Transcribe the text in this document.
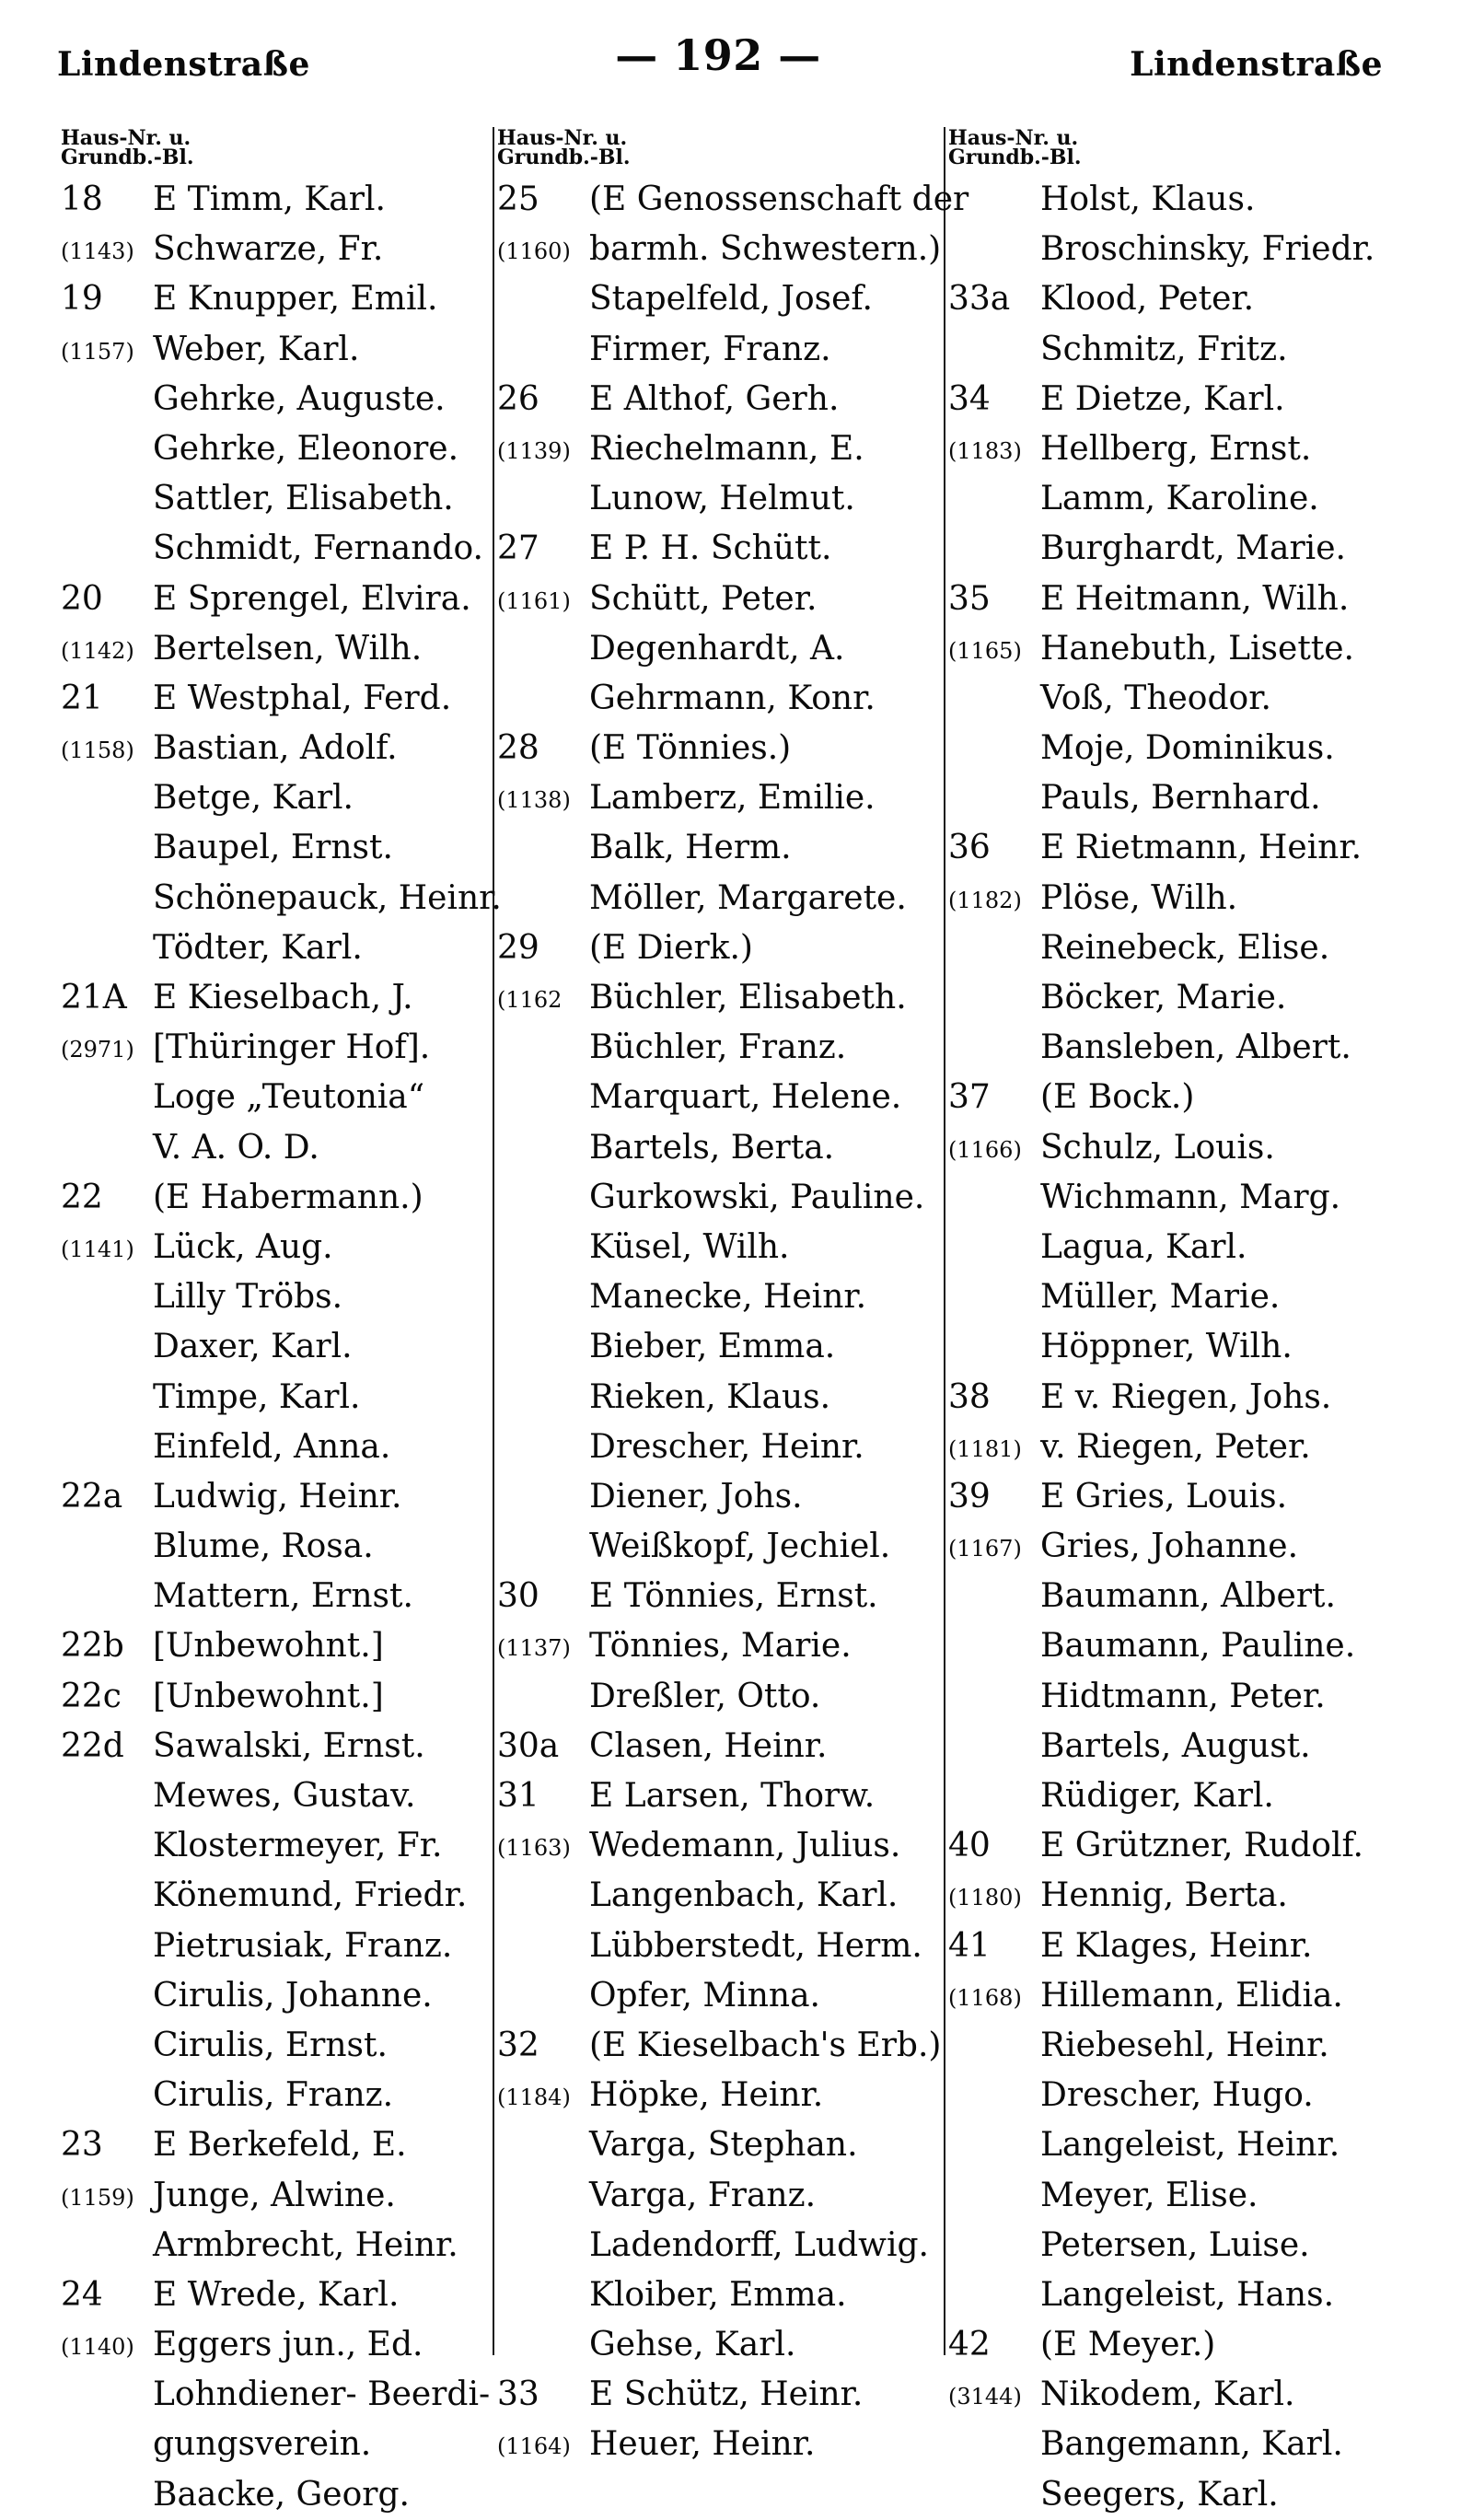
Lindenstraße	— 192 —	Lindenstraße
Haus-Nr. u.
Grundb.-Bl.
18	E Timm, Karl.
(1143) Schwarze, Fr.
19	E Knupper, Emil.
(1157) Weber, Karl.
Gehrke, Auguste.
Gehrke, Eleonore.
Sattler, Elisabeth.
Schmidt, Fernando.
20	E Sprengel, Elvira.
(1142) Bertelsen, Wilh.
21	E Westphal, Ferd.
(1158) Bastian, Adolf.
Betge, Karl.
Baupel, Ernst.
Schönepauck, Heinr.
Tödter, Karl.
21A E Kieselbach, J.
(2971) [Thüringer Hof].
Loge „Teutonia“
V. A. O. D.
22	(E Habermann.)
(1141) Lück, Aug.
Lilly Tröbs.
Daxer, Karl.
Timpe, Karl.
Einfeld, Anna.
22a Ludwig, Heinr.
Blume, Rosa.
Mattern, Ernst.
22b [Unbewohnt.]
22c [Unbewohnt.]
22d Sawalski, Ernst.
Mewes, Gustav.
Klostermeyer, Fr.
Könemund, Friedr.
Pietrusiak, Franz.
Cirulis, Johanne.
Cirulis, Ernst.
Cirulis, Franz.
23	E Berkefeld, E.
(1159) Junge, Alwine.
Armbrecht, Heinr.
24	E Wrede, Karl.
(1140) Eggers jun., Ed.
Lohndiener- Beerdi-
gungsverein.
Baacke, Georg.
Haus-Nr. u.
Grundb.-Bl.
25	(E Genossenschaft der
(1160) barmh. Schwestern.)
Stapelfeld, Josef.
Firmer, Franz.
26	E Althof, Gerh.
(1139) Riechelmann, E.
Lunow, Helmut.
27	E P. H. Schütt.
(1161) Schütt, Peter.
Degenhardt, A.
Gehrmann, Konr.
28	(E Tönnies.)
(1138) Lamberz, Emilie.
Balk, Herm.
Möller, Margarete.
29	(E Dierk.)
(1162 Büchler, Elisabeth.
Büchler, Franz.
Marquart, Helene.
Bartels, Berta.
Gurkowski, Pauline.
Küsel, Wilh.
Manecke, Heinr.
Bieber, Emma.
Rieken, Klaus.
Drescher, Heinr.
Diener, Johs.
Weißkopf, Jechiel.
30	E Tönnies, Ernst.
(1137) Tönnies, Marie.
Dreßler, Otto.
30a Clasen, Heinr.
31	E Larsen, Thorw.
(1163) Wedemann, Julius.
Langenbach, Karl.
Lübberstedt, Herm.
Opfer, Minna.
32	(E Kieselbach's Erb.)
(1184) Höpke, Heinr.
Varga, Stephan.
Varga, Franz.
Ladendorff, Ludwig.
Kloiber, Emma.
Gehse, Karl.
33	E Schütz, Heinr.
(1164) Heuer, Heinr.
Haus-Nr. u.
Grundb.-Bl.
Holst, Klaus.
Broschinsky, Friedr.
33a Klood, Peter.
Schmitz, Fritz.
34	E Dietze, Karl.
(1183) Hellberg, Ernst.
Lamm, Karoline.
Burghardt, Marie.
35	E Heitmann, Wilh.
(1165) Hanebuth, Lisette.
Voß, Theodor.
Moje, Dominikus.
Pauls, Bernhard.
36	E Rietmann, Heinr.
(1182) Plöse, Wilh.
Reinebeck, Elise.
Böcker, Marie.
Bansleben, Albert.
37	(E Bock.)
(1166) Schulz, Louis.
Wichmann, Marg.
Lagua, Karl.
Müller, Marie.
Höppner, Wilh.
38	E v. Riegen, Johs.
(1181) v. Riegen, Peter.
39	E Gries, Louis.
(1167) Gries, Johanne.
Baumann, Albert.
Baumann, Pauline.
Hidtmann, Peter.
Bartels, August.
Rüdiger, Karl.
40	E Grützner, Rudolf.
(1180) Hennig, Berta.
41	E Klages, Heinr.
(1168) Hillemann, Elidia.
Riebesehl, Heinr.
Drescher, Hugo.
Langeleist, Heinr.
Meyer, Elise.
Petersen, Luise.
Langeleist, Hans.
42	(E Meyer.)
(3144) Nikodem, Karl.
Bangemann, Karl.
Seegers, Karl.
